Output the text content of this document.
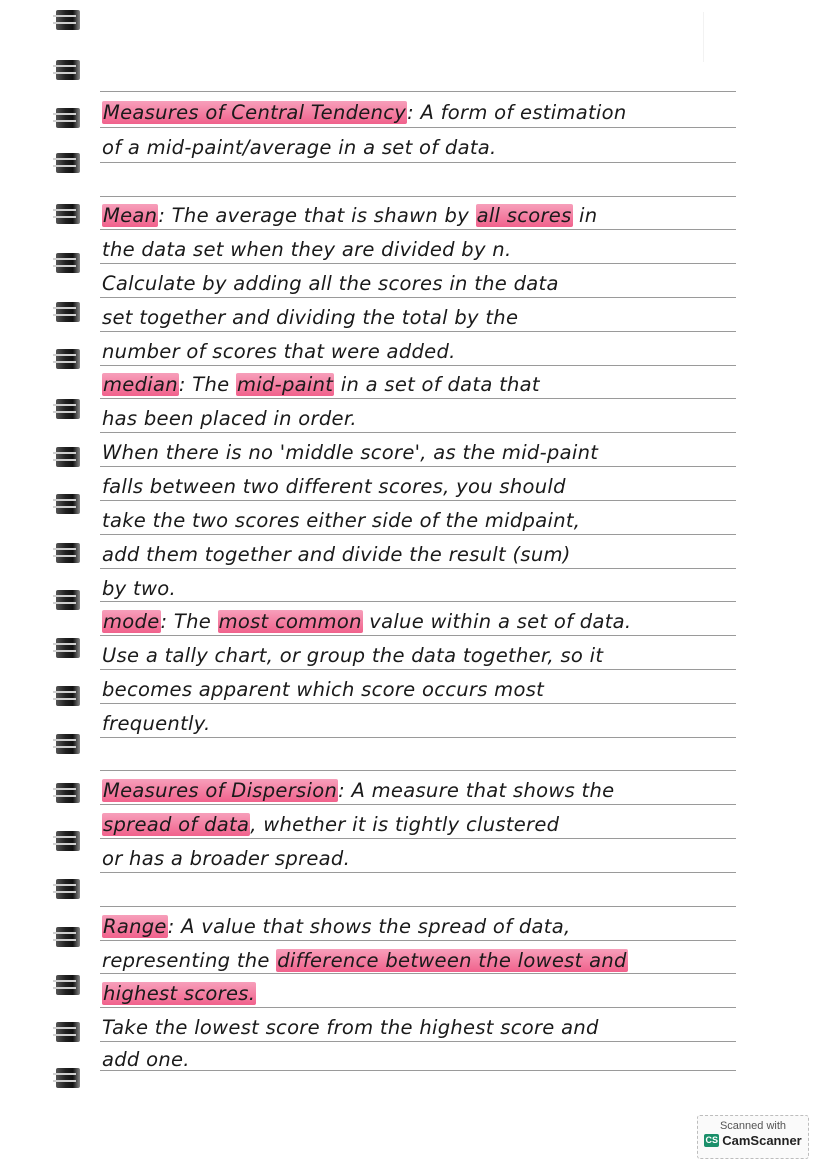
Measures of Central Tendency: A form of estimation
of a mid-paint/average in a set of data.
Mean: The average that is shawn by all scores in
the data set when they are divided by n.
Calculate by adding all the scores in the data
set together and dividing the total by the
number of scores that were added.
median: The mid-paint in a set of data that
has been placed in order.
When there is no 'middle score', as the mid-paint
falls between two different scores, you should
take the two scores either side of the midpaint,
add them together and divide the result (sum)
by two.
mode: The most common value within a set of data.
Use a tally chart, or group the data together, so it
becomes apparent which score occurs most
frequently.
Measures of Dispersion: A measure that shows the
spread of data, whether it is tightly clustered
or has a broader spread.
Range: A value that shows the spread of data,
representing the difference between the lowest and
highest scores.
Take the lowest score from the highest score and
add one.
Scanned with
CS CamScanner
